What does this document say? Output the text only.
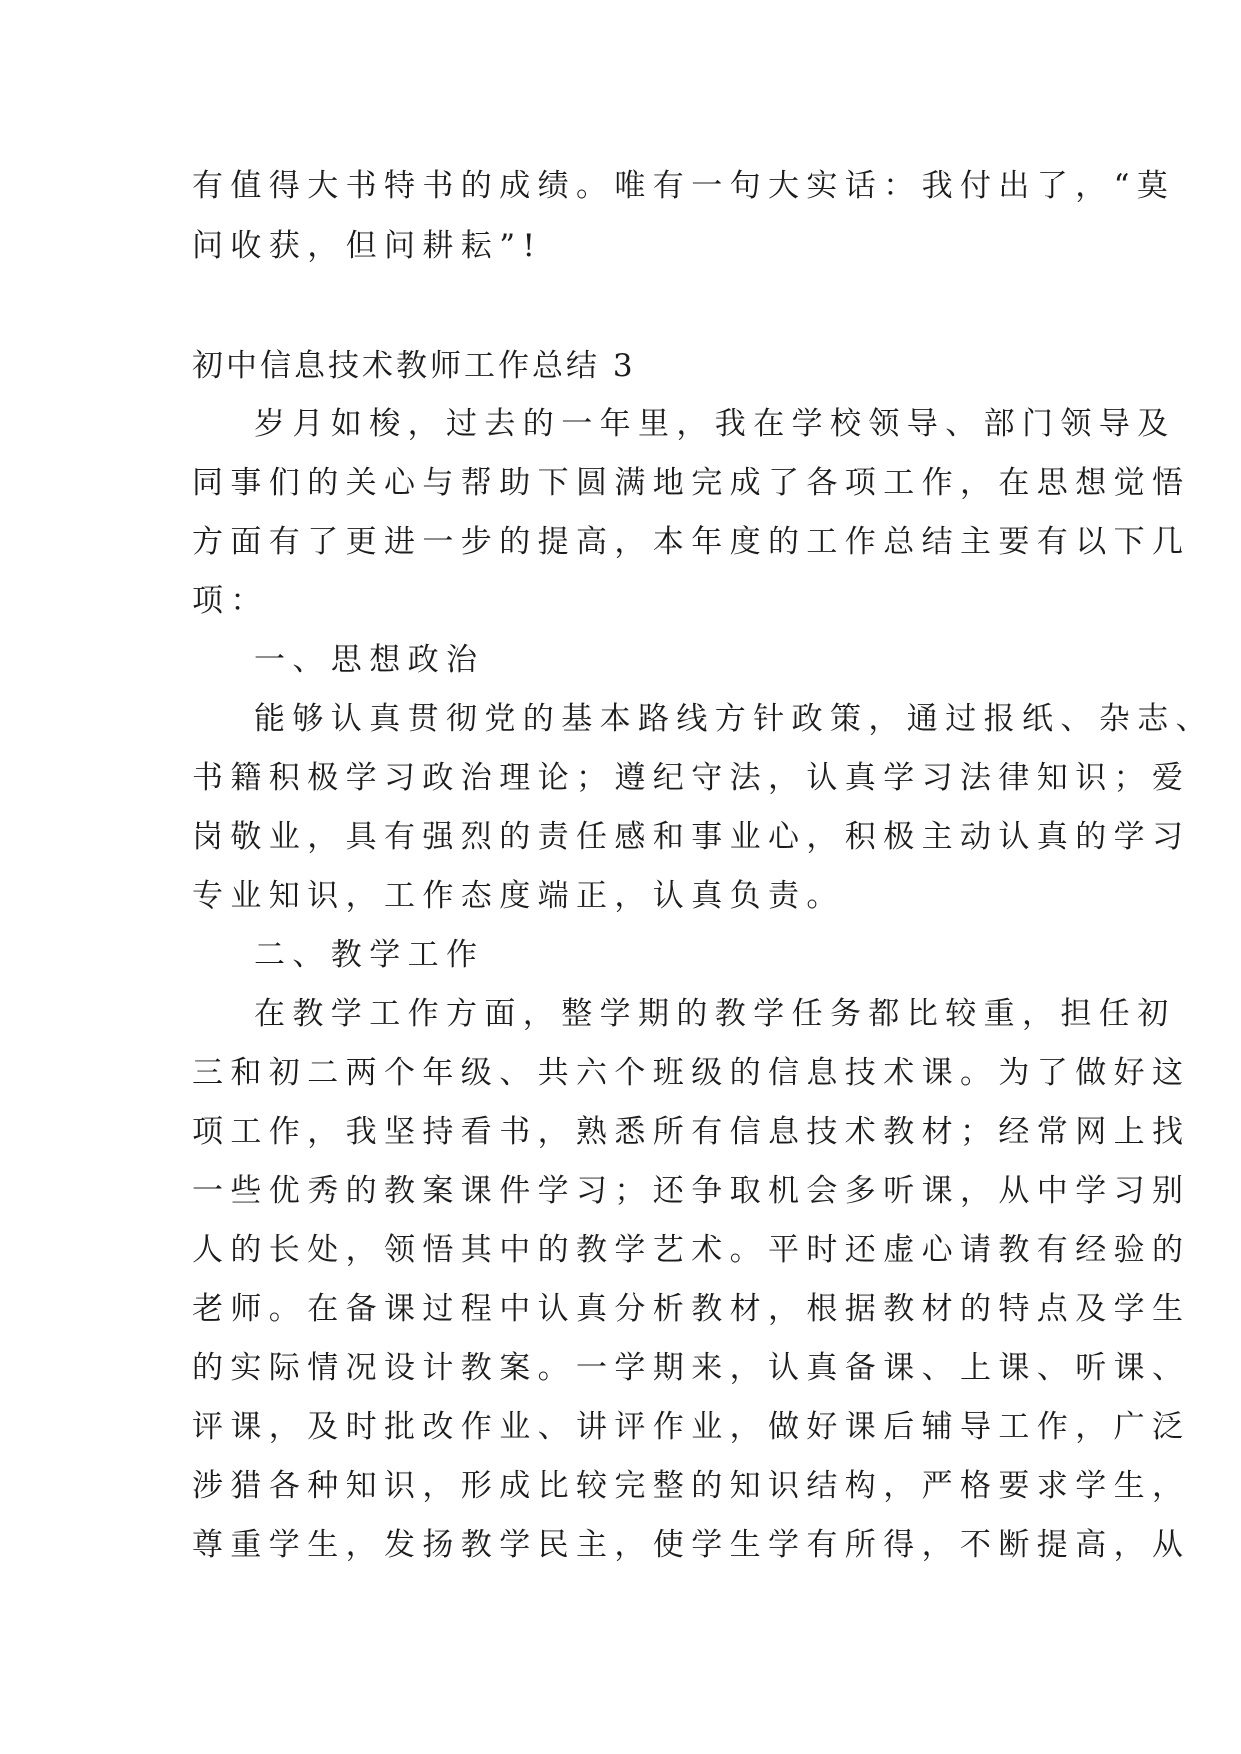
有值得大书特书的成绩。唯有一句大实话：我付出了，“莫
问收获，但问耕耘”!
初中信息技术教师工作总结 3
岁月如梭，过去的一年里，我在学校领导、部门领导及
同事们的关心与帮助下圆满地完成了各项工作，在思想觉悟
方面有了更进一步的提高，本年度的工作总结主要有以下几
项：
一、思想政治
能够认真贯彻党的基本路线方针政策，通过报纸、杂志、
书籍积极学习政治理论；遵纪守法，认真学习法律知识；爱
岗敬业，具有强烈的责任感和事业心，积极主动认真的学习
专业知识，工作态度端正，认真负责。
二、教学工作
在教学工作方面，整学期的教学任务都比较重，担任初
三和初二两个年级、共六个班级的信息技术课。为了做好这
项工作，我坚持看书，熟悉所有信息技术教材；经常网上找
一些优秀的教案课件学习；还争取机会多听课，从中学习别
人的长处，领悟其中的教学艺术。平时还虚心请教有经验的
老师。在备课过程中认真分析教材，根据教材的特点及学生
的实际情况设计教案。一学期来，认真备课、上课、听课、
评课，及时批改作业、讲评作业，做好课后辅导工作，广泛
涉猎各种知识，形成比较完整的知识结构，严格要求学生，
尊重学生，发扬教学民主，使学生学有所得，不断提高，从
